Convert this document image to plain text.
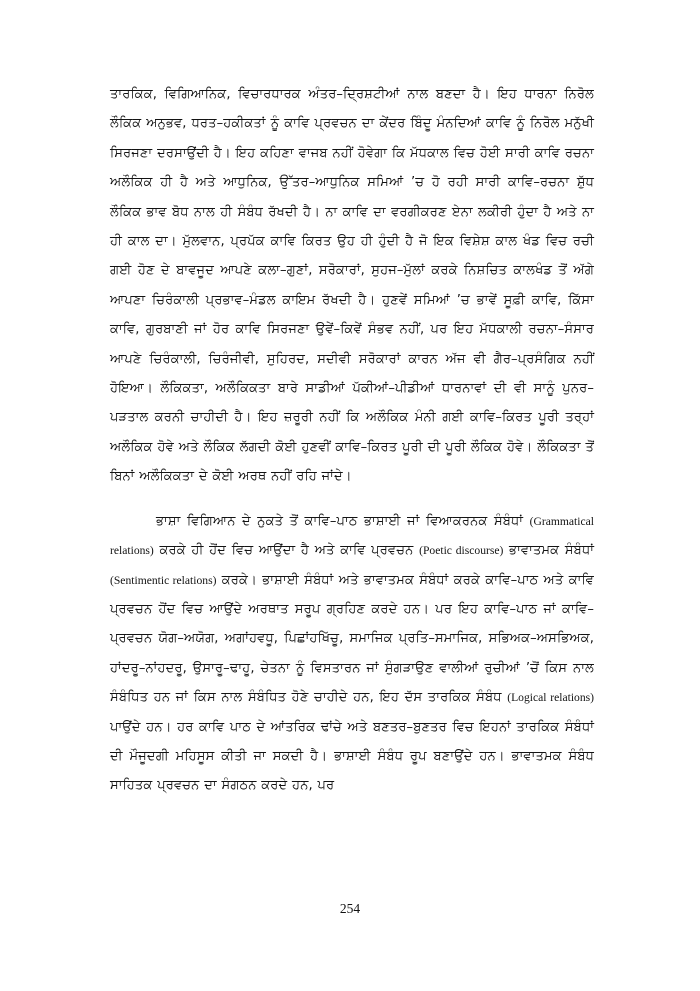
ਤਾਰਕਿਕ, ਵਿਗਿਆਨਿਕ, ਵਿਚਾਰਧਾਰਕ ਅੰਤਰ–ਦ੍ਰਿਸ਼ਟੀਆਂ ਨਾਲ ਬਣਦਾ ਹੈ। ਇਹ ਧਾਰਨਾ ਨਿਰੋਲ ਲੌਕਿਕ ਅਨੁਭਵ, ਧਰਤ–ਹਕੀਕਤਾਂ ਨੂੰ ਕਾਵਿ ਪ੍ਰਵਚਨ ਦਾ ਕੇਂਦਰ ਬਿੰਦੂ ਮੰਨਦਿਆਂ ਕਾਵਿ ਨੂੰ ਨਿਰੋਲ ਮਨੁੱਖੀ ਸਿਰਜਣਾ ਦਰਸਾਉਂਦੀ ਹੈ। ਇਹ ਕਹਿਣਾ ਵਾਜਬ ਨਹੀਂ ਹੋਵੇਗਾ ਕਿ ਮੱਧਕਾਲ ਵਿਚ ਹੋਈ ਸਾਰੀ ਕਾਵਿ ਰਚਨਾ ਅਲੌਕਿਕ ਹੀ ਹੈ ਅਤੇ ਆਧੁਨਿਕ, ਉੱਤਰ–ਆਧੁਨਿਕ ਸਮਿਆਂ ’ਚ ਹੋ ਰਹੀ ਸਾਰੀ ਕਾਵਿ–ਰਚਨਾ ਸ਼ੁੱਧ ਲੌਕਿਕ ਭਾਵ ਬੋਧ ਨਾਲ ਹੀ ਸੰਬੰਧ ਰੱਖਦੀ ਹੈ। ਨਾ ਕਾਵਿ ਦਾ ਵਰਗੀਕਰਣ ਏਨਾ ਲਕੀਰੀ ਹੁੰਦਾ ਹੈ ਅਤੇ ਨਾ ਹੀ ਕਾਲ ਦਾ। ਮੁੱਲਵਾਨ, ਪ੍ਰਪੱਕ ਕਾਵਿ ਕਿਰਤ ਉਹ ਹੀ ਹੁੰਦੀ ਹੈ ਜੋ ਇਕ ਵਿਸ਼ੇਸ਼ ਕਾਲ ਖੰਡ ਵਿਚ ਰਚੀ ਗਈ ਹੋਣ ਦੇ ਬਾਵਜੂਦ ਆਪਣੇ ਕਲਾ–ਗੁਣਾਂ, ਸਰੋਕਾਰਾਂ, ਸੁਹਜ–ਮੁੱਲਾਂ ਕਰਕੇ ਨਿਸ਼ਚਿਤ ਕਾਲਖੰਡ ਤੋਂ ਅੱਗੇ ਆਪਣਾ ਚਿਰੰਕਾਲੀ ਪ੍ਰਭਾਵ–ਮੰਡਲ ਕਾਇਮ ਰੱਖਦੀ ਹੈ। ਹੁਣਵੇਂ ਸਮਿਆਂ ’ਚ ਭਾਵੇਂ ਸੂਫ਼ੀ ਕਾਵਿ, ਕਿੱਸਾ ਕਾਵਿ, ਗੁਰਬਾਣੀ ਜਾਂ ਹੋਰ ਕਾਵਿ ਸਿਰਜਣਾ ਉਵੇਂ–ਕਿਵੇਂ ਸੰਭਵ ਨਹੀਂ, ਪਰ ਇਹ ਮੱਧਕਾਲੀ ਰਚਨਾ–ਸੰਸਾਰ ਆਪਣੇ ਚਿਰੰਕਾਲੀ, ਚਿਰੰਜੀਵੀ, ਸੁਹਿਰਦ, ਸਦੀਵੀ ਸਰੋਕਾਰਾਂ ਕਾਰਨ ਅੱਜ ਵੀ ਗੈਰ–ਪ੍ਰਸੰਗਿਕ ਨਹੀਂ ਹੋਇਆ। ਲੌਕਿਕਤਾ, ਅਲੌਕਿਕਤਾ ਬਾਰੇ ਸਾਡੀਆਂ ਪੱਕੀਆਂ–ਪੀਡੀਆਂ ਧਾਰਨਾਵਾਂ ਦੀ ਵੀ ਸਾਨੂੰ ਪੁਨਰ–ਪੜਤਾਲ ਕਰਨੀ ਚਾਹੀਦੀ ਹੈ। ਇਹ ਜ਼ਰੂਰੀ ਨਹੀਂ ਕਿ ਅਲੌਕਿਕ ਮੰਨੀ ਗਈ ਕਾਵਿ–ਕਿਰਤ ਪੂਰੀ ਤਰ੍ਹਾਂ ਅਲੌਕਿਕ ਹੋਵੇ ਅਤੇ ਲੌਕਿਕ ਲੱਗਦੀ ਕੋਈ ਹੁਣਵੀਂ ਕਾਵਿ–ਕਿਰਤ ਪੂਰੀ ਦੀ ਪੂਰੀ ਲੌਕਿਕ ਹੋਵੇ। ਲੌਕਿਕਤਾ ਤੋਂ ਬਿਨਾਂ ਅਲੌਕਿਕਤਾ ਦੇ ਕੋਈ ਅਰਥ ਨਹੀਂ ਰਹਿ ਜਾਂਦੇ।

ਭਾਸ਼ਾ ਵਿਗਿਆਨ ਦੇ ਨੁਕਤੇ ਤੋਂ ਕਾਵਿ–ਪਾਠ ਭਾਸ਼ਾਈ ਜਾਂ ਵਿਆਕਰਨਕ ਸੰਬੰਧਾਂ (Grammatical relations) ਕਰਕੇ ਹੀ ਹੋਂਦ ਵਿਚ ਆਉਂਦਾ ਹੈ ਅਤੇ ਕਾਵਿ ਪ੍ਰਵਚਨ (Poetic discourse) ਭਾਵਾਤਮਕ ਸੰਬੰਧਾਂ (Sentimentic relations) ਕਰਕੇ। ਭਾਸ਼ਾਈ ਸੰਬੰਧਾਂ ਅਤੇ ਭਾਵਾਤਮਕ ਸੰਬੰਧਾਂ ਕਰਕੇ ਕਾਵਿ–ਪਾਠ ਅਤੇ ਕਾਵਿ ਪ੍ਰਵਚਨ ਹੋਂਦ ਵਿਚ ਆਉਂਦੇ ਅਰਥਾਤ ਸਰੂਪ ਗ੍ਰਹਿਣ ਕਰਦੇ ਹਨ। ਪਰ ਇਹ ਕਾਵਿ–ਪਾਠ ਜਾਂ ਕਾਵਿ–ਪ੍ਰਵਚਨ ਯੋਗ–ਅਯੋਗ, ਅਗਾਂਹਵਧੂ, ਪਿਛਾਂਹਖਿੱਚੂ, ਸਮਾਜਿਕ ਪ੍ਰਤਿ–ਸਮਾਜਿਕ, ਸਭਿਅਕ–ਅਸਭਿਅਕ, ਹਾਂਦਰੂ–ਨਾਂਹਦਰੂ, ਉਸਾਰੂ–ਢਾਹੂ, ਚੇਤਨਾ ਨੂੰ ਵਿਸਤਾਰਨ ਜਾਂ ਸੁੰਗੜਾਉਣ ਵਾਲੀਆਂ ਰੁਚੀਆਂ ’ਚੋਂ ਕਿਸ ਨਾਲ ਸੰਬੰਧਿਤ ਹਨ ਜਾਂ ਕਿਸ ਨਾਲ ਸੰਬੰਧਿਤ ਹੋਣੇ ਚਾਹੀਦੇ ਹਨ, ਇਹ ਦੱਸ ਤਾਰਕਿਕ ਸੰਬੰਧ (Logical relations) ਪਾਉਂਦੇ ਹਨ। ਹਰ ਕਾਵਿ ਪਾਠ ਦੇ ਆਂਤਰਿਕ ਢਾਂਚੇ ਅਤੇ ਬਣਤਰ–ਬੁਣਤਰ ਵਿਚ ਇਹਨਾਂ ਤਾਰਕਿਕ ਸੰਬੰਧਾਂ ਦੀ ਮੌਜੂਦਗੀ ਮਹਿਸੂਸ ਕੀਤੀ ਜਾ ਸਕਦੀ ਹੈ। ਭਾਸ਼ਾਈ ਸੰਬੰਧ ਰੂਪ ਬਣਾਉਂਦੇ ਹਨ। ਭਾਵਾਤਮਕ ਸੰਬੰਧ ਸਾਹਿਤਕ ਪ੍ਰਵਚਨ ਦਾ ਸੰਗਠਨ ਕਰਦੇ ਹਨ, ਪਰ

254
